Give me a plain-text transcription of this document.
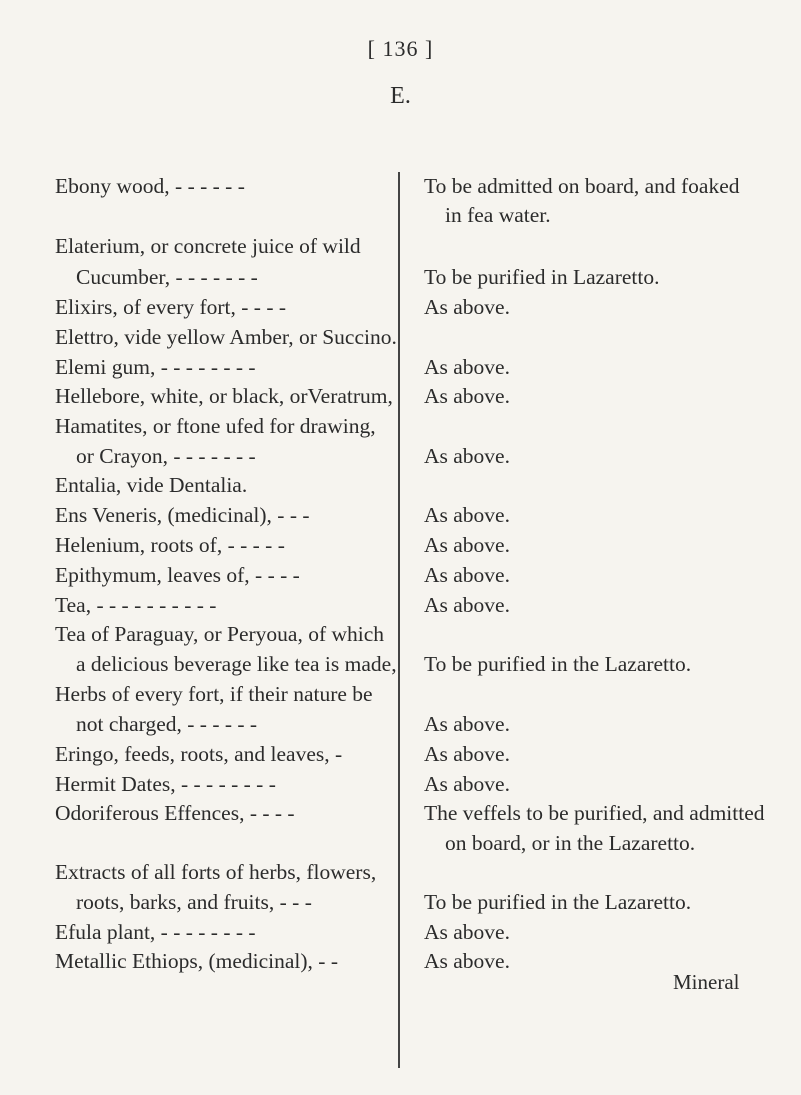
[ 136 ]
E.
Ebony wood, - - - - - -
Elaterium, or concrete juice of wild
Cucumber, - - - - - - -
Elixirs, of every fort, - - - -
Elettro, vide yellow Amber, or Succino.
Elemi gum, - - - - - - - -
Hellebore, white, or black, orVeratrum,
Hamatites, or ftone ufed for drawing,
or Crayon, - - - - - - -
Entalia, vide Dentalia.
Ens Veneris, (medicinal), - - -
Helenium, roots of, - - - - -
Epithymum, leaves of, - - - -
Tea, - - - - - - - - - -
Tea of Paraguay, or Peryoua, of which
a delicious beverage like tea is made,
Herbs of every fort, if their nature be
not charged, - - - - - -
Eringo, feeds, roots, and leaves, -
Hermit Dates, - - - - - - - -
Odoriferous Effences, - - - -
Extracts of all forts of herbs, flowers,
roots, barks, and fruits, - - -
Efula plant, - - - - - - - -
Metallic Ethiops, (medicinal), - -
To be admitted on board, and foaked
in fea water.
To be purified in Lazaretto.
As above.
As above.
As above.
As above.
As above.
As above.
As above.
As above.
To be purified in the Lazaretto.
As above.
As above.
As above.
The veffels to be purified, and admitted
on board, or in the Lazaretto.
To be purified in the Lazaretto.
As above.
As above.
Mineral
